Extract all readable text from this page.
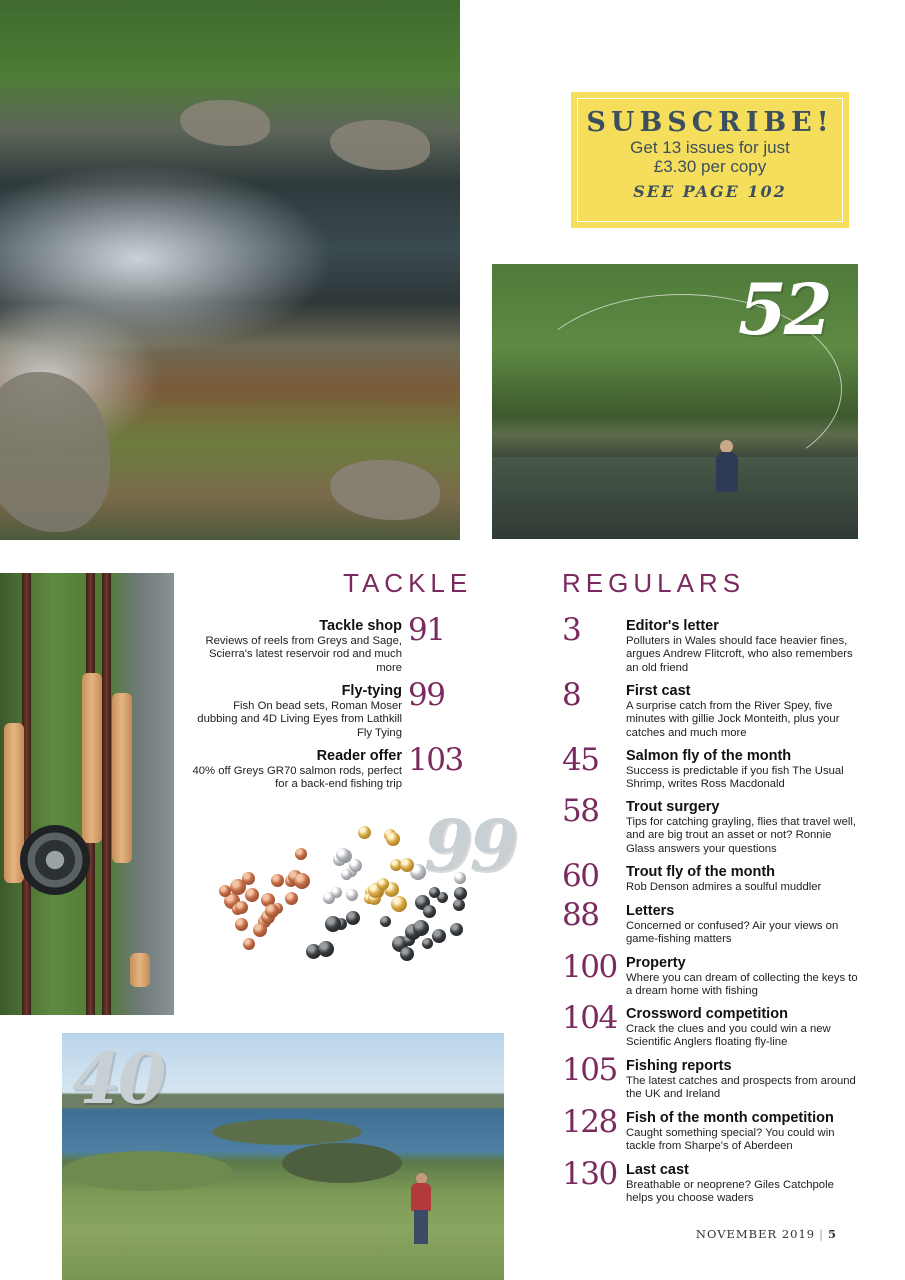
SUBSCRIBE!
Get 13 issues for just
£3.30 per copy
SEE PAGE 102
52
TACKLE
Tackle shop
Reviews of reels from Greys and Sage, Scierra's latest reservoir rod and much more
91
Fly-tying
Fish On bead sets, Roman Moser dubbing and 4D Living Eyes from Lathkill Fly Tying
99
Reader offer
40% off Greys GR70 salmon rods, perfect for a back-end fishing trip
103
99
40
REGULARS
3	Editor's letter
Polluters in Wales should face heavier fines, argues Andrew Flitcroft, who also remembers an old friend
8	First cast
A surprise catch from the River Spey, five minutes with gillie Jock Monteith, plus your catches and much more
45	Salmon fly of the month
Success is predictable if you fish The Usual Shrimp, writes Ross Macdonald
58	Trout surgery
Tips for catching grayling, flies that travel well, and are big trout an asset or not? Ronnie Glass answers your questions
60	Trout fly of the month
Rob Denson admires a soulful muddler
88	Letters
Concerned or confused? Air your views on game-fishing matters
100 Property
Where you can dream of collecting the keys to a dream home with fishing
104 Crossword competition
Crack the clues and you could win a new Scientific Anglers floating fly-line
105 Fishing reports
The latest catches and prospects from around the UK and Ireland
128 Fish of the month competition
Caught something special? You could win tackle from Sharpe's of Aberdeen
130 Last cast
Breathable or neoprene? Giles Catchpole helps you choose waders
NOVEMBER 2019 | 5
